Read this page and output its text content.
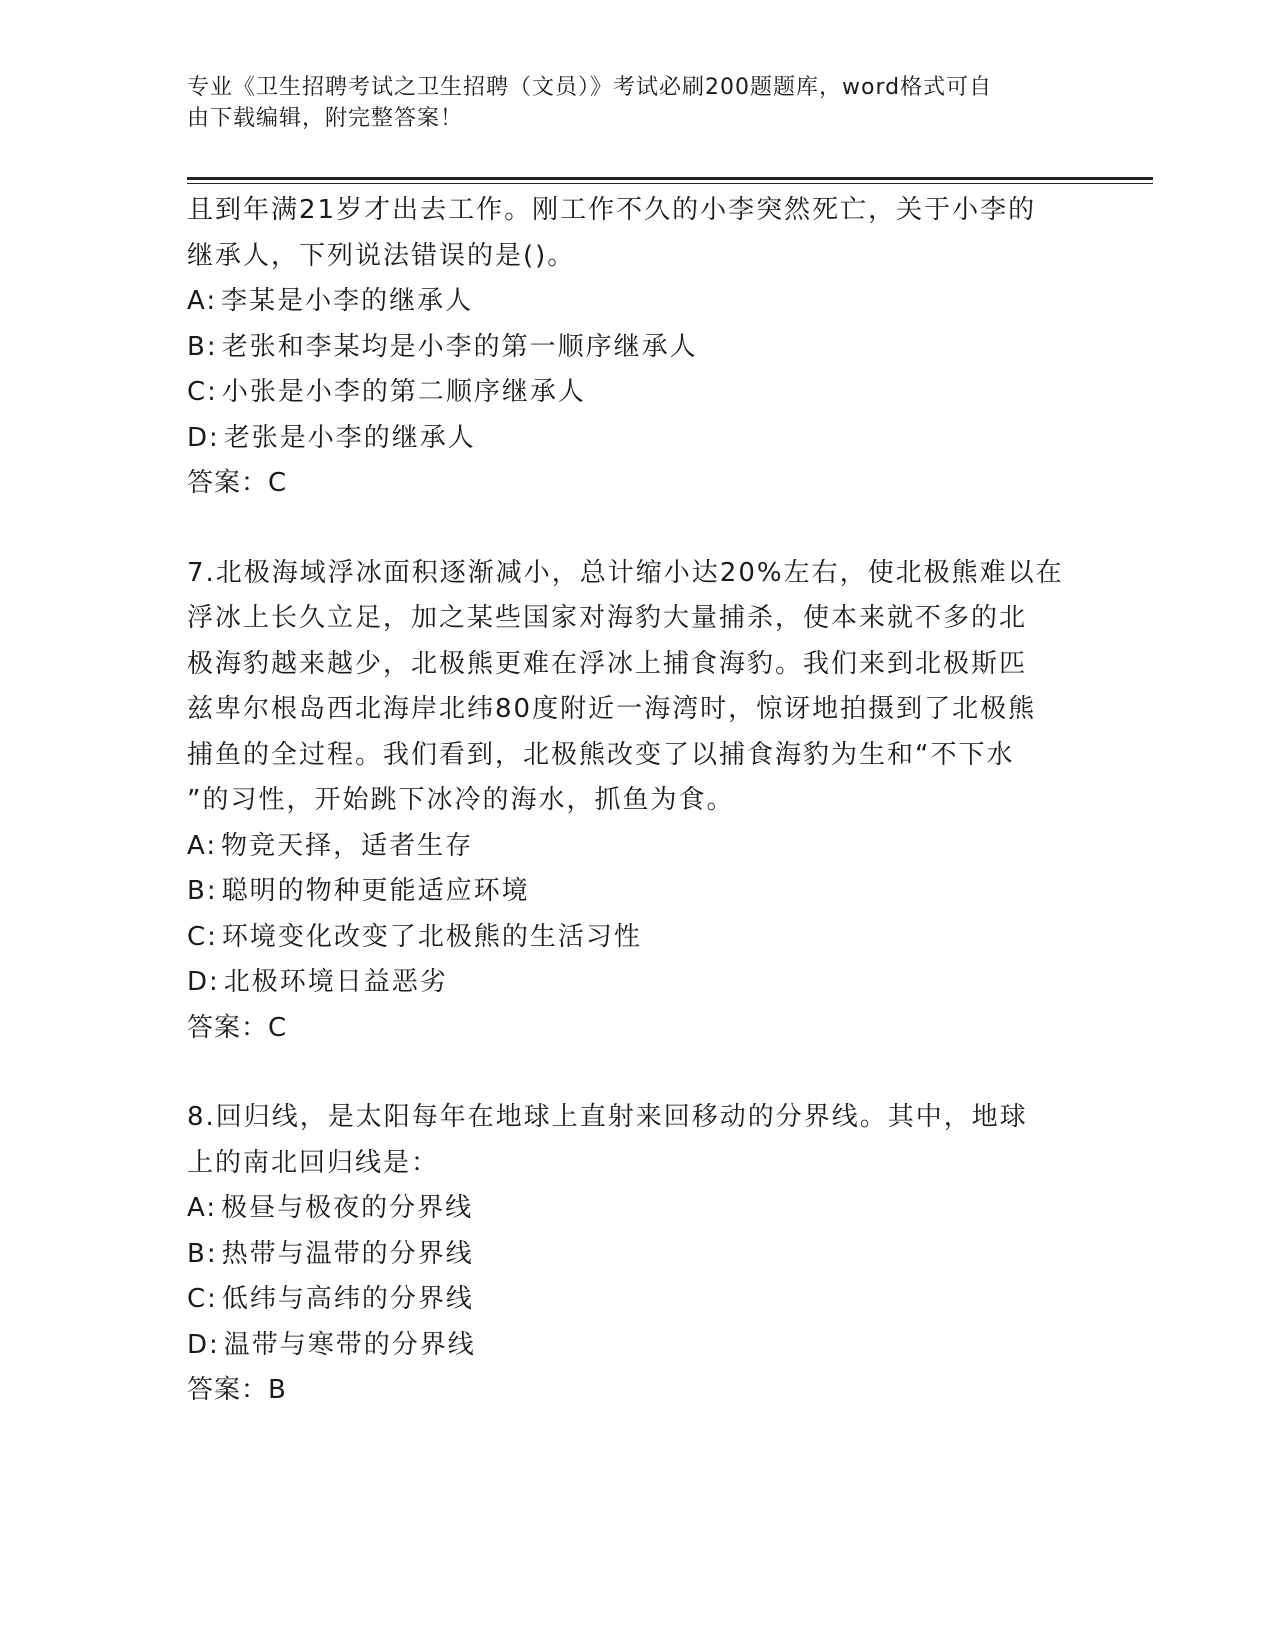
专业《卫生招聘考试之卫生招聘（文员）》考试必刷200题题库，word格式可自
由下载编辑，附完整答案！
且到年满21岁才出去工作。刚工作不久的小李突然死亡，关于小李的
继承人，下列说法错误的是()。
A: 李某是小李的继承人
B: 老张和李某均是小李的第一顺序继承人
C: 小张是小李的第二顺序继承人
D: 老张是小李的继承人
答案：C
7.北极海域浮冰面积逐渐减小，总计缩小达20%左右，使北极熊难以在
浮冰上长久立足，加之某些国家对海豹大量捕杀，使本来就不多的北
极海豹越来越少，北极熊更难在浮冰上捕食海豹。我们来到北极斯匹
兹卑尔根岛西北海岸北纬80度附近一海湾时，惊讶地拍摄到了北极熊
捕鱼的全过程。我们看到，北极熊改变了以捕食海豹为生和“不下水
”的习性，开始跳下冰冷的海水，抓鱼为食。
A: 物竞天择，适者生存
B: 聪明的物种更能适应环境
C: 环境变化改变了北极熊的生活习性
D: 北极环境日益恶劣
答案：C
8.回归线，是太阳每年在地球上直射来回移动的分界线。其中，地球
上的南北回归线是：
A: 极昼与极夜的分界线
B: 热带与温带的分界线
C: 低纬与高纬的分界线
D: 温带与寒带的分界线
答案：B
